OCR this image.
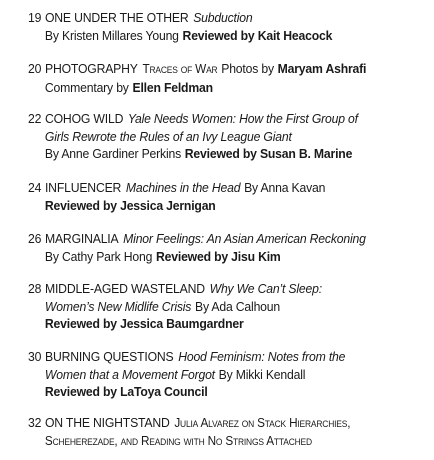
19 ONE UNDER THE OTHER Subduction
By Kristen Millares Young Reviewed by Kait Heacock
20 PHOTOGRAPHY Traces of War Photos by Maryam Ashrafi
Commentary by Ellen Feldman
22 COHOG WILD Yale Needs Women: How the First Group of
Girls Rewrote the Rules of an Ivy League Giant
By Anne Gardiner Perkins Reviewed by Susan B. Marine
24 INFLUENCER Machines in the Head By Anna Kavan
Reviewed by Jessica Jernigan
26 MARGINALIA Minor Feelings: An Asian American Reckoning
By Cathy Park Hong Reviewed by Jisu Kim
28 MIDDLE-AGED WASTELAND Why We Can’t Sleep:
Women’s New Midlife Crisis By Ada Calhoun
Reviewed by Jessica Baumgardner
30 BURNING QUESTIONS Hood Feminism: Notes from the
Women that a Movement Forgot By Mikki Kendall
Reviewed by LaToya Council
32 ON THE NIGHTSTAND Julia Alvarez on Stack Hierarchies,
Scheherezade, and Reading with No Strings Attached
